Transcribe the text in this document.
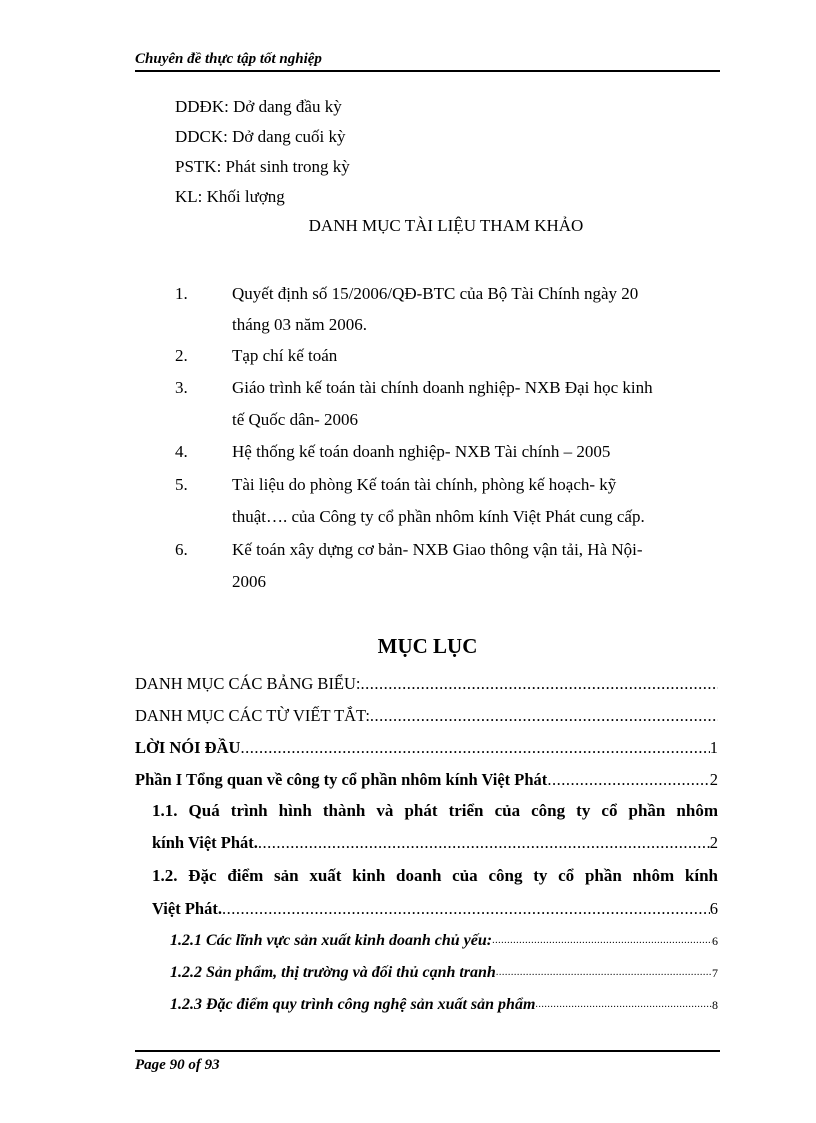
Chuyên đề thực tập tốt nghiệp
DDĐK: Dở dang đầu kỳ
DDCK: Dở dang cuối kỳ
PSTK: Phát sinh trong kỳ
KL: Khối lượng
DANH MỤC TÀI LIỆU THAM KHẢO
1.	Quyết định số 15/2006/QĐ-BTC của Bộ Tài Chính ngày 20
tháng 03 năm 2006.
2.	Tạp chí kế toán
3.	Giáo trình kế toán tài chính doanh nghiệp- NXB Đại học kinh
tế Quốc dân- 2006
4.	Hệ thống kế toán doanh nghiệp- NXB Tài chính – 2005
5.	Tài liệu do phòng Kế toán tài chính, phòng kế hoạch- kỹ
thuật…. của Công ty cổ phần nhôm kính Việt Phát cung cấp.
6.	Kế toán xây dựng cơ bản- NXB Giao thông vận tải, Hà Nội-
2006
MỤC LỤC
DANH MỤC CÁC BẢNG BIỂU:
.....
DANH MỤC CÁC TỪ VIẾT TẮT:
.....
LỜI NÓI ĐẦU .....	1
Phần I Tổng quan về công ty cổ phần nhôm kính Việt Phát .....	2
1.1. Quá trình hình thành và phát triển của công ty cổ phần nhôm
kính Việt Phát. .....	2
1.2. Đặc điểm sản xuất kinh doanh của công ty cổ phần nhôm kính
Việt Phát. .....	6
1.2.1 Các lĩnh vực sản xuất kinh doanh chủ yếu: .....	6
1.2.2 Sản phẩm, thị trường và đối thủ cạnh tranh .....	7
1.2.3 Đặc điểm quy trình công nghệ sản xuất sản phẩm .....	8
Page 90 of 93
